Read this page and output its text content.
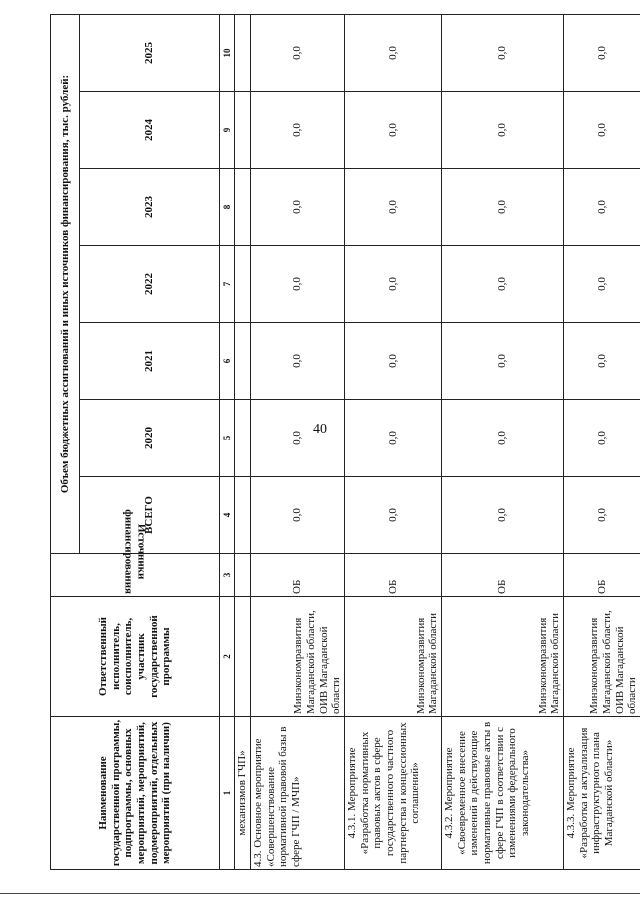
40
Наименование государственной программы, подпрограммы, основных мероприятий, мероприятий, подмероприятий, отдельных мероприятий (при наличии)	Ответственный исполнитель, соисполнитель, участник государственной программы	Источники финансирования	Объем бюджетных ассигнований и иных источников финансирования, тыс. рублей:						
			ВСЕГО	2020	2021	2022	2023	2024	2025
1	2	3	4	5	6	7	8	9	10
механизмов ГЧП»									
4.3. Основное мероприятие «Совершенствование нормативной правовой базы в сфере ГЧП / МЧП»	Минэкономразвития Магаданской области, ОИВ Магаданской области	ОБ	0,0	0,0	0,0	0,0	0,0	0,0	0,0
4.3.1. Мероприятие «Разработка нормативных правовых актов в сфере государственного частного партнерства и концессионных соглашений»	Минэкономразвития Магаданской области	ОБ	0,0	0,0	0,0	0,0	0,0	0,0	0,0
4.3.2. Мероприятие «Своевременное внесение изменений в действующие нормативные правовые акты в сфере ГЧП в соответствии с изменениями федерального законодательства»	Минэкономразвития Магаданской области	ОБ	0,0	0,0	0,0	0,0	0,0	0,0	0,0
4.3.3. Мероприятие «Разработка и актуализация инфраструктурного плана Магаданской области»	Минэкономразвития Магаданской области, ОИВ Магаданской области	ОБ	0,0	0,0	0,0	0,0	0,0	0,0	0,0
